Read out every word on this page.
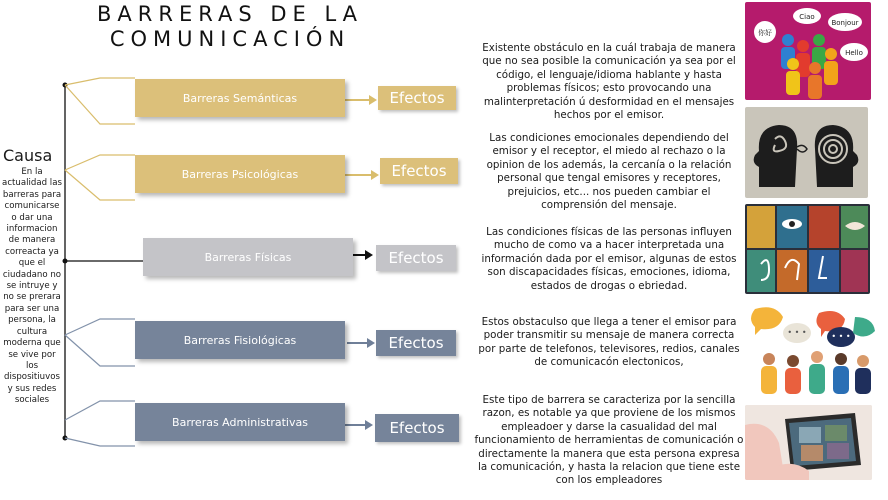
BARRERAS DE LA
COMUNICACIÓN
Causa
En la actualidad las barreras para comunicarse o dar una informacion de manera correacta ya que el ciudadano no se intruye y no se prerara para ser una persona, la cultura moderna que se vive por los dispositiuvos y sus redes sociales
Barreras Semánticas
Barreras Psicológicas
Barreras Físicas
Barreras Fisiológicas
Barreras Administrativas
Efectos
Efectos
Efectos
Efectos
Efectos
Existente obstáculo en la cuál trabaja de manera que no sea posible la comunicación ya sea por el código, el lenguaje/idioma hablante y hasta problemas físicos; esto provocando una malinterpretación ú desformidad en el mensajes hechos por el emisor.
Las condiciones emocionales dependiendo del emisor y el receptor, el miedo al rechazo o la opinion de los además, la cercanía o la relación personal que tengal emisores y receptores, prejuicios, etc... nos pueden cambiar el comprensión del mensaje.
Las condiciones físicas de las personas influyen mucho de como va a hacer interpretada una información dada por el emisor, algunas de estos son discapacidades físicas, emociones, idioma, estados de drogas o ebriedad.
Estos obstaculso que llega a tener el emisor para poder transmitir su mensaje de manera correcta por parte de telefonos, televisores, redios, canales de comunicacón electonicos,
Este tipo de barrera se caracteriza por la sencilla razon, es notable ya que proviene de los mismos empleadoer y darse la casualidad del mal funcionamiento de herramientas de comunicación o directamente la manera que esta persona expresa la comunicación, y hasta la relacion que tiene este con los empleadores
你好
Ciao
Bonjour
Hello
• • •	• • •
